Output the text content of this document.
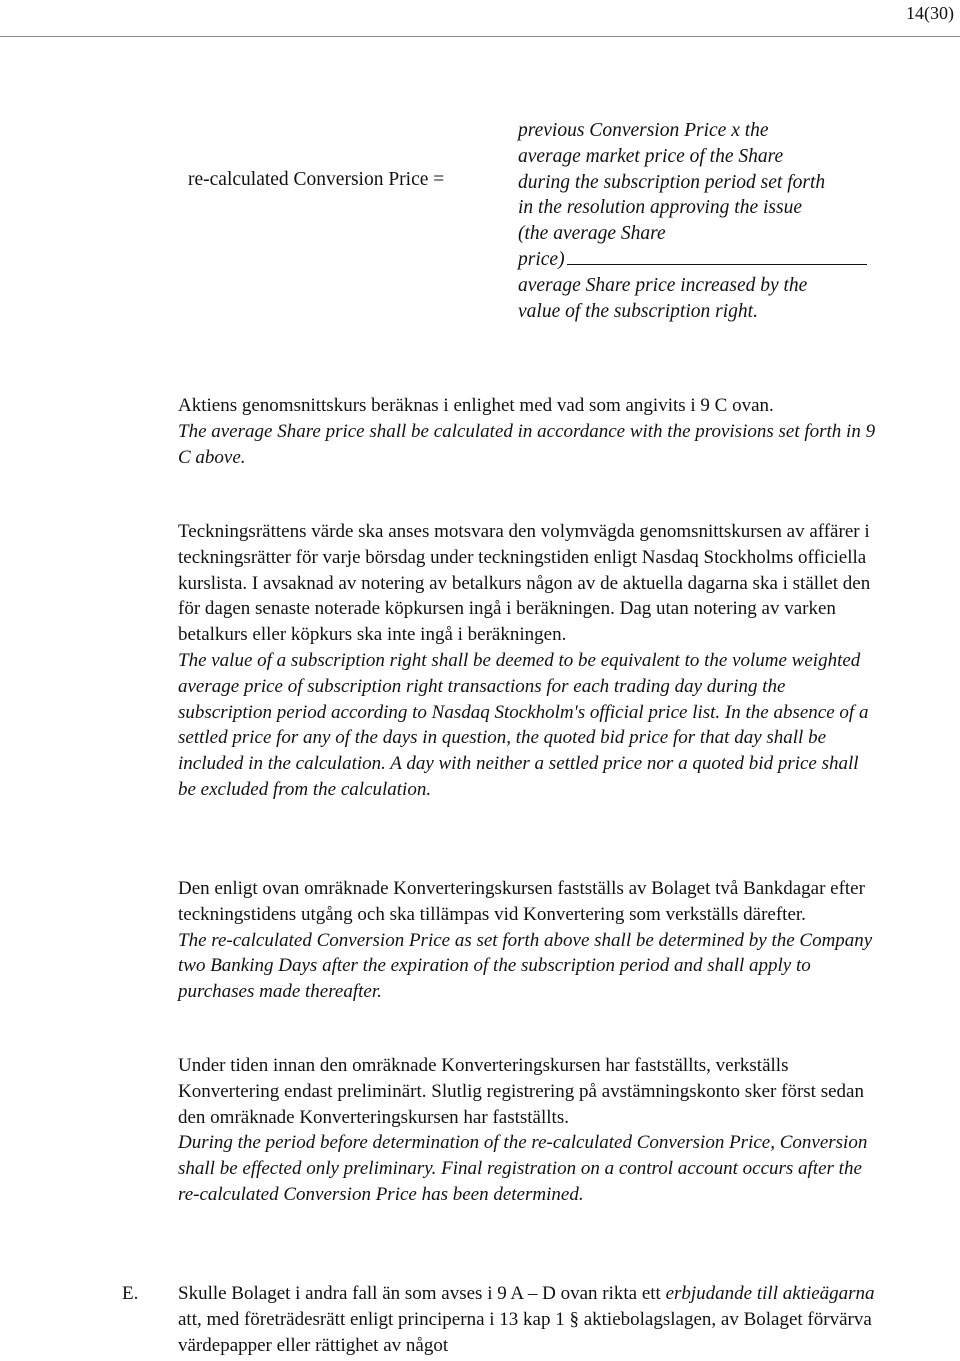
14(30)
re-calculated Conversion Price =
previous Conversion Price x the
average market price of the Share
during the subscription period set forth
in the resolution approving the issue
(the average Share
price)
average Share price increased by the
value of the subscription right.
Aktiens genomsnittskurs beräknas i enlighet med vad som angivits i 9 C ovan.
The average Share price shall be calculated in accordance with the provisions set forth in 9 C above.
Teckningsrättens värde ska anses motsvara den volymvägda genomsnittskursen av affärer i teckningsrätter för varje börsdag under teckningstiden enligt Nasdaq Stockholms officiella kurslista. I avsaknad av notering av betalkurs någon av de aktuella dagarna ska i stället den för dagen senaste noterade köpkursen ingå i beräkningen. Dag utan notering av varken betalkurs eller köpkurs ska inte ingå i beräkningen.
The value of a subscription right shall be deemed to be equivalent to the volume weighted average price of subscription right transactions for each trading day during the subscription period according to Nasdaq Stockholm's official price list. In the absence of a settled price for any of the days in question, the quoted bid price for that day shall be included in the calculation. A day with neither a settled price nor a quoted bid price shall be excluded from the calculation.
Den enligt ovan omräknade Konverteringskursen fastställs av Bolaget två Bankdagar efter teckningstidens utgång och ska tillämpas vid Konvertering som verkställs därefter.
The re-calculated Conversion Price as set forth above shall be determined by the Company two Banking Days after the expiration of the subscription period and shall apply to purchases made thereafter.
Under tiden innan den omräknade Konverteringskursen har fastställts, verkställs Konvertering endast preliminärt. Slutlig registrering på avstämningskonto sker först sedan den omräknade Konverteringskursen har fastställts.
During the period before determination of the re-calculated Conversion Price, Conversion shall be effected only preliminary. Final registration on a control account occurs after the re-calculated Conversion Price has been determined.
E. Skulle Bolaget i andra fall än som avses i 9 A – D ovan rikta ett erbjudande till aktieägarna att, med företrädesrätt enligt principerna i 13 kap 1 § aktiebolagslagen, av Bolaget förvärva värdepapper eller rättighet av något
